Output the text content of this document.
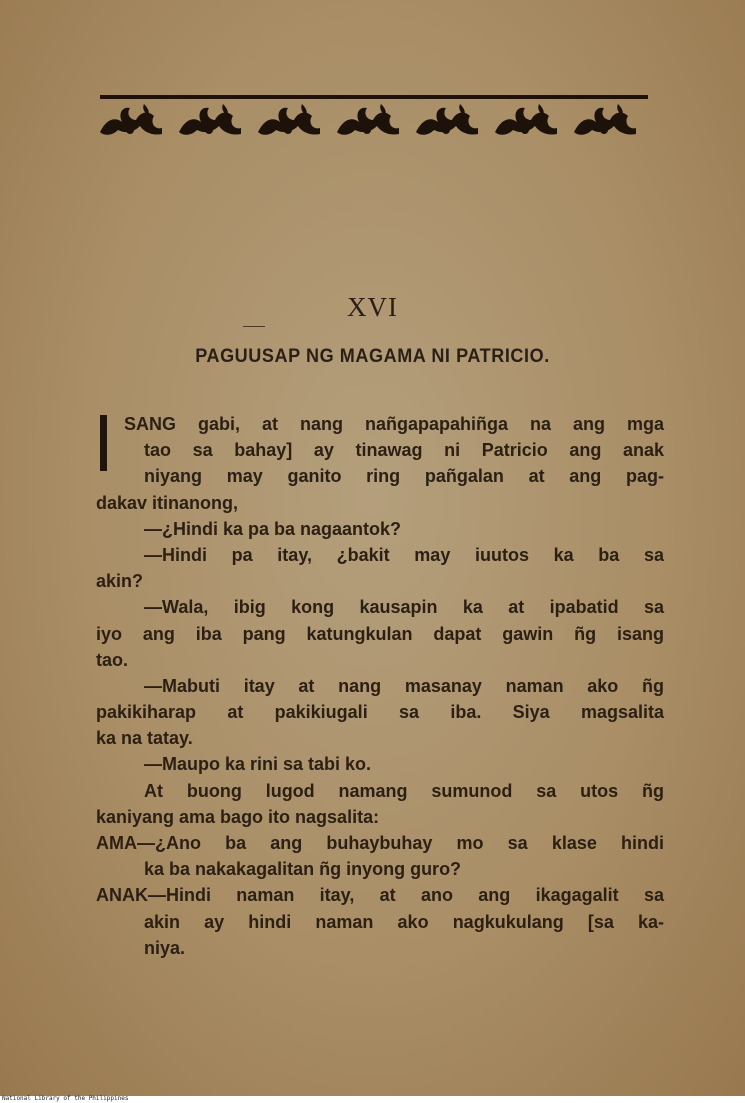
XVI
PAGUUSAP NG MAGAMA NI PATRICIO.
SANG gabi, at nang nañgapapahiñga na ang mga
tao sa bahay] ay tinawag ni Patricio ang anak
niyang may ganito ring pañgalan at ang pag-
dakav itinanong,
—¿Hindi ka pa ba nagaantok?
—Hindi pa itay, ¿bakit may iuutos ka ba sa
akin?
—Wala, ibig kong kausapin ka at ipabatid sa
iyo ang iba pang katungkulan dapat gawin ñg isang
tao.
—Mabuti itay at nang masanay naman ako ñg
pakikiharap at pakikiugali sa iba. Siya magsalita
ka na tatay.
—Maupo ka rini sa tabi ko.
At buong lugod namang sumunod sa utos ñg
kaniyang ama bago ito nagsalita:
AMA—¿Ano ba ang buhaybuhay mo sa klase hindi
ka ba nakakagalitan ñg inyong guro?
ANAK—Hindi naman itay, at ano ang ikagagalit sa
akin ay hindi naman ako nagkukulang [sa ka-
niya.
National Library of the Philippines
